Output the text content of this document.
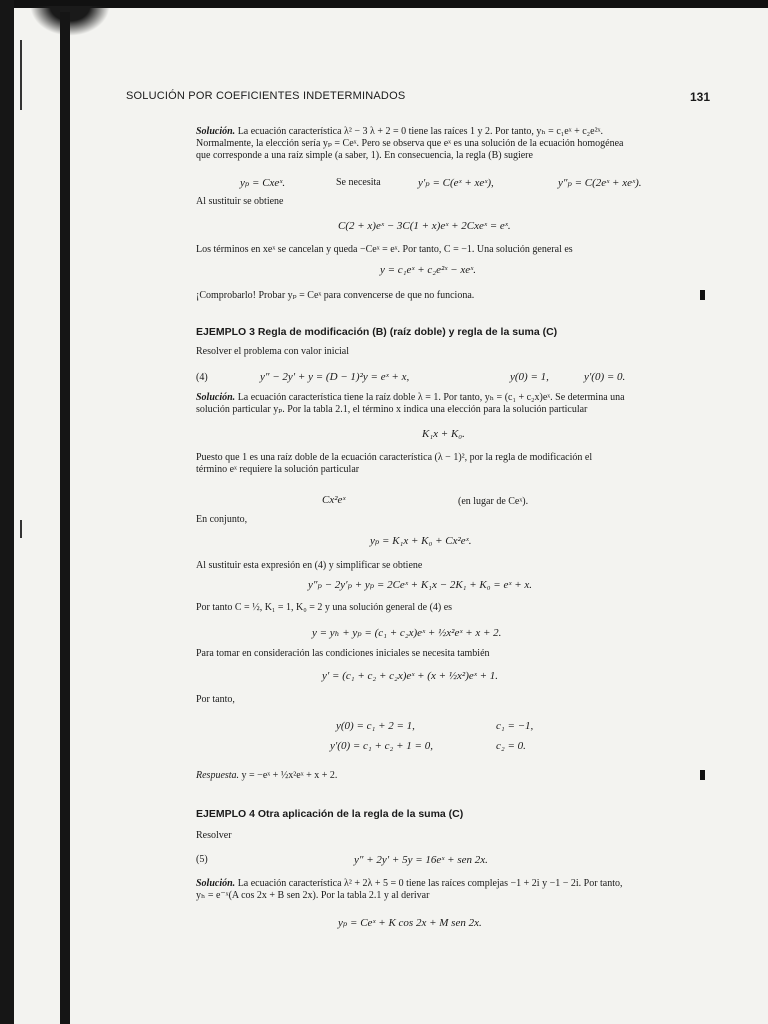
SOLUCIÓN POR COEFICIENTES INDETERMINADOS	131
Solución. La ecuación característica λ² − 3 λ + 2 = 0 tiene las raíces 1 y 2. Por tanto, yₕ = c₁eˣ + c₂e²ˣ.
Normalmente, la elección sería yₚ = Ceˣ. Pero se observa que eˣ es una solución de la ecuación homogénea
que corresponde a una raíz simple (a saber, 1). En consecuencia, la regla (B) sugiere
yₚ = Cxeˣ.	Se necesita	y′ₚ = C(eˣ + xeˣ),	y″ₚ = C(2eˣ + xeˣ).
Al sustituir se obtiene
C(2 + x)eˣ − 3C(1 + x)eˣ + 2Cxeˣ = eˣ.
Los términos en xeˣ se cancelan y queda −Ceˣ = eˣ. Por tanto, C = −1. Una solución general es
y = c₁eˣ + c₂e²ˣ − xeˣ.
¡Comprobarlo! Probar yₚ = Ceˣ para convencerse de que no funciona.
EJEMPLO 3 Regla de modificación (B) (raíz doble) y regla de la suma (C)
Resolver el problema con valor inicial
(4)	y″ − 2y′ + y = (D − 1)²y = eˣ + x,	y(0) = 1,	y′(0) = 0.
Solución. La ecuación característica tiene la raíz doble λ = 1. Por tanto, yₕ = (c₁ + c₂x)eˣ. Se determina una
solución particular yₚ. Por la tabla 2.1, el término x indica una elección para la solución particular
K₁x + K₀.
Puesto que 1 es una raíz doble de la ecuación característica (λ − 1)², por la regla de modificación el
término eˣ requiere la solución particular
Cx²eˣ	(en lugar de Ceˣ).
En conjunto,
yₚ = K₁x + K₀ + Cx²eˣ.
Al sustituir esta expresión en (4) y simplificar se obtiene
y″ₚ − 2y′ₚ + yₚ = 2Ceˣ + K₁x − 2K₁ + K₀ = eˣ + x.
Por tanto C = ½, K₁ = 1, K₀ = 2 y una solución general de (4) es
y = yₕ + yₚ = (c₁ + c₂x)eˣ + ½x²eˣ + x + 2.
Para tomar en consideración las condiciones iniciales se necesita también
y′ = (c₁ + c₂ + c₂x)eˣ + (x + ½x²)eˣ + 1.
Por tanto,
y(0) = c₁ + 2 = 1,	c₁ = −1,
y′(0) = c₁ + c₂ + 1 = 0,	c₂ = 0.
Respuesta. y = −eˣ + ½x²eˣ + x + 2.
EJEMPLO 4 Otra aplicación de la regla de la suma (C)
Resolver
(5)	y″ + 2y′ + 5y = 16eˣ + sen 2x.
Solución. La ecuación característica λ² + 2λ + 5 = 0 tiene las raíces complejas −1 + 2i y −1 − 2i. Por tanto,
yₕ = e⁻ˣ(A cos 2x + B sen 2x). Por la tabla 2.1 y al derivar
yₚ = Ceˣ + K cos 2x + M sen 2x.
